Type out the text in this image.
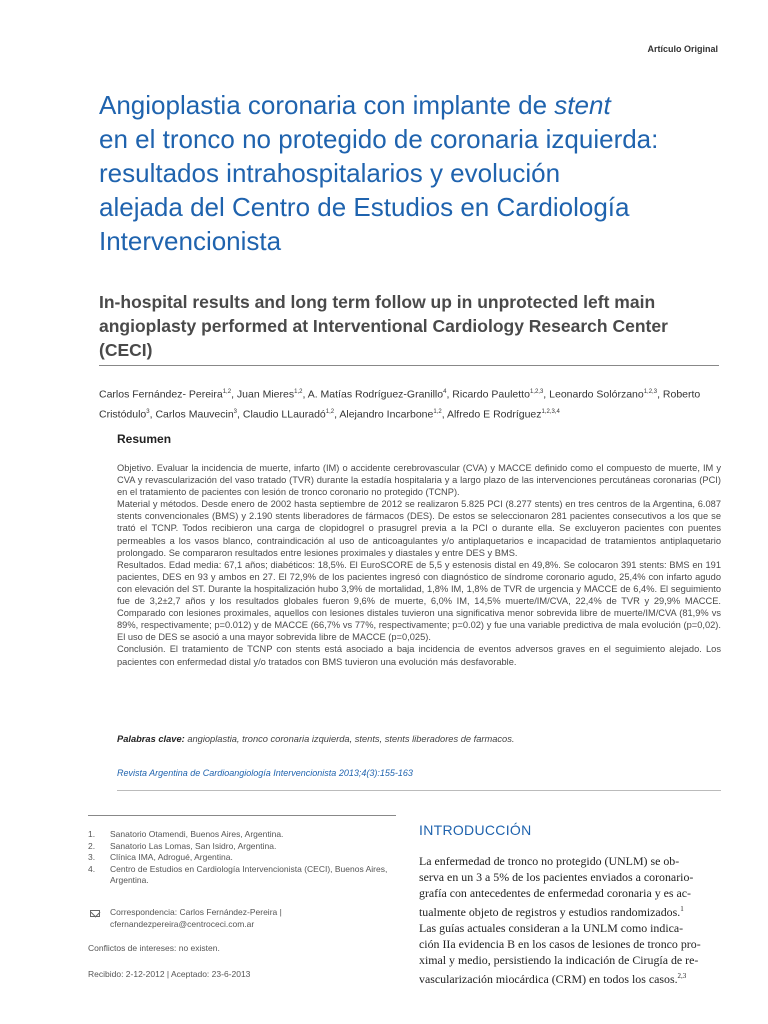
Artículo Original
Angioplastia coronaria con implante de stent
en el tronco no protegido de coronaria izquierda:
resultados intrahospitalarios y evolución
alejada del Centro de Estudios en Cardiología
Intervencionista
In-hospital results and long term follow up in unprotected left main
angioplasty performed at Interventional Cardiology Research Center (CECI)
Carlos Fernández- Pereira$^{1,2}$, Juan Mieres$^{1,2}$, A. Matías Rodríguez-Granillo$^4$, Ricardo Pauletto$^{1,2,3}$, Leonardo Solórzano$^{1,2,3}$, Roberto Cristódulo$^3$, Carlos Mauvecin$^3$, Claudio LLauradó$^{1,2}$, Alejandro Incarbone$^{1,2}$, Alfredo E Rodríguez$^{1,2,3,4}$
Resumen

Objetivo. Evaluar la incidencia de muerte, infarto (IM) o accidente cerebrovascular (CVA) y MACCE definido como el compuesto de muerte, IM y CVA y revascularización del vaso tratado (TVR) durante la estadía hospitalaria y a largo plazo de las intervenciones percutáneas coronarias (PCI) en el tratamiento de pacientes con lesión de tronco coronario no protegido (TCNP).

Material y métodos. Desde enero de 2002 hasta septiembre de 2012 se realizaron 5.825 PCI (8.277 stents) en tres centros de la Argentina, 6.087 stents convencionales (BMS) y 2.190 stents liberadores de fármacos (DES). De estos se seleccionaron 281 pacientes consecutivos a los que se trató el TCNP. Todos recibieron una carga de clopidogrel o prasugrel previa a la PCI o durante ella. Se excluyeron pacientes con puentes permeables a los vasos blanco, contraindicación al uso de anticoagulantes y/o antiplaquetarios e incapacidad de tratamientos antiplaquetario prolongado. Se compararon resultados entre lesiones proximales y diastales y entre DES y BMS.

Resultados. Edad media: 67,1 años; diabéticos: 18,5%. El EuroSCORE de 5,5 y estenosis distal en 49,8%. Se colocaron 391 stents: BMS en 191 pacientes, DES en 93 y ambos en 27. El 72,9% de los pacientes ingresó con diagnóstico de síndrome coronario agudo, 25,4% con infarto agudo con elevación del ST. Durante la hospitalización hubo 3,9% de mortalidad, 1,8% IM, 1,8% de TVR de urgencia y MACCE de 6,4%. El seguimiento fue de 3,2±2,7 años y los resultados globales fueron 9,6% de muerte, 6,0% IM, 14,5% muerte/IM/CVA, 22,4% de TVR y 29,9% MACCE. Comparado con lesiones proximales, aquellos con lesiones distales tuvieron una significativa menor sobrevida libre de muerte/IM/CVA (81,9% vs 89%, respectivamente; p=0.012) y de MACCE (66,7% vs 77%, respectivamente; p=0.02) y fue una variable predictiva de mala evolución (p=0,02). El uso de DES se asoció a una mayor sobrevida libre de MACCE (p=0,025).

Conclusión. El tratamiento de TCNP con stents está asociado a baja incidencia de eventos adversos graves en el seguimiento alejado. Los pacientes con enfermedad distal y/o tratados con BMS tuvieron una evolución más desfavorable.

Palabras clave: angioplastia, tronco coronaria izquierda, stents, stents liberadores de farmacos.
Revista Argentina de Cardioangiología Intervencionista 2013;4(3):155-163
1. Sanatorio Otamendi, Buenos Aires, Argentina.
2. Sanatorio Las Lomas, San Isidro, Argentina.
3. Clínica IMA, Adrogué, Argentina.
4. Centro de Estudios en Cardiología Intervencionista (CECI), Buenos Aires, Argentina.
Correspondencia: Carlos Fernández-Pereira | cfernandezpereira@centroceci.com.ar
Conflictos de intereses: no existen.
Recibido: 2-12-2012 | Aceptado: 23-6-2013
INTRODUCCIÓN
La enfermedad de tronco no protegido (UNLM) se ob-
serva en un 3 a 5% de los pacientes enviados a coronario-
grafía con antecedentes de enfermedad coronaria y es ac-
tualmente objeto de registros y estudios randomizados.$^1$
Las guías actuales consideran a la UNLM como indica-
ción IIa evidencia B en los casos de lesiones de tronco pro-
ximal y medio, persistiendo la indicación de Cirugía de re-
vascularización miocárdica (CRM) en todos los casos.$^{2,3}$
